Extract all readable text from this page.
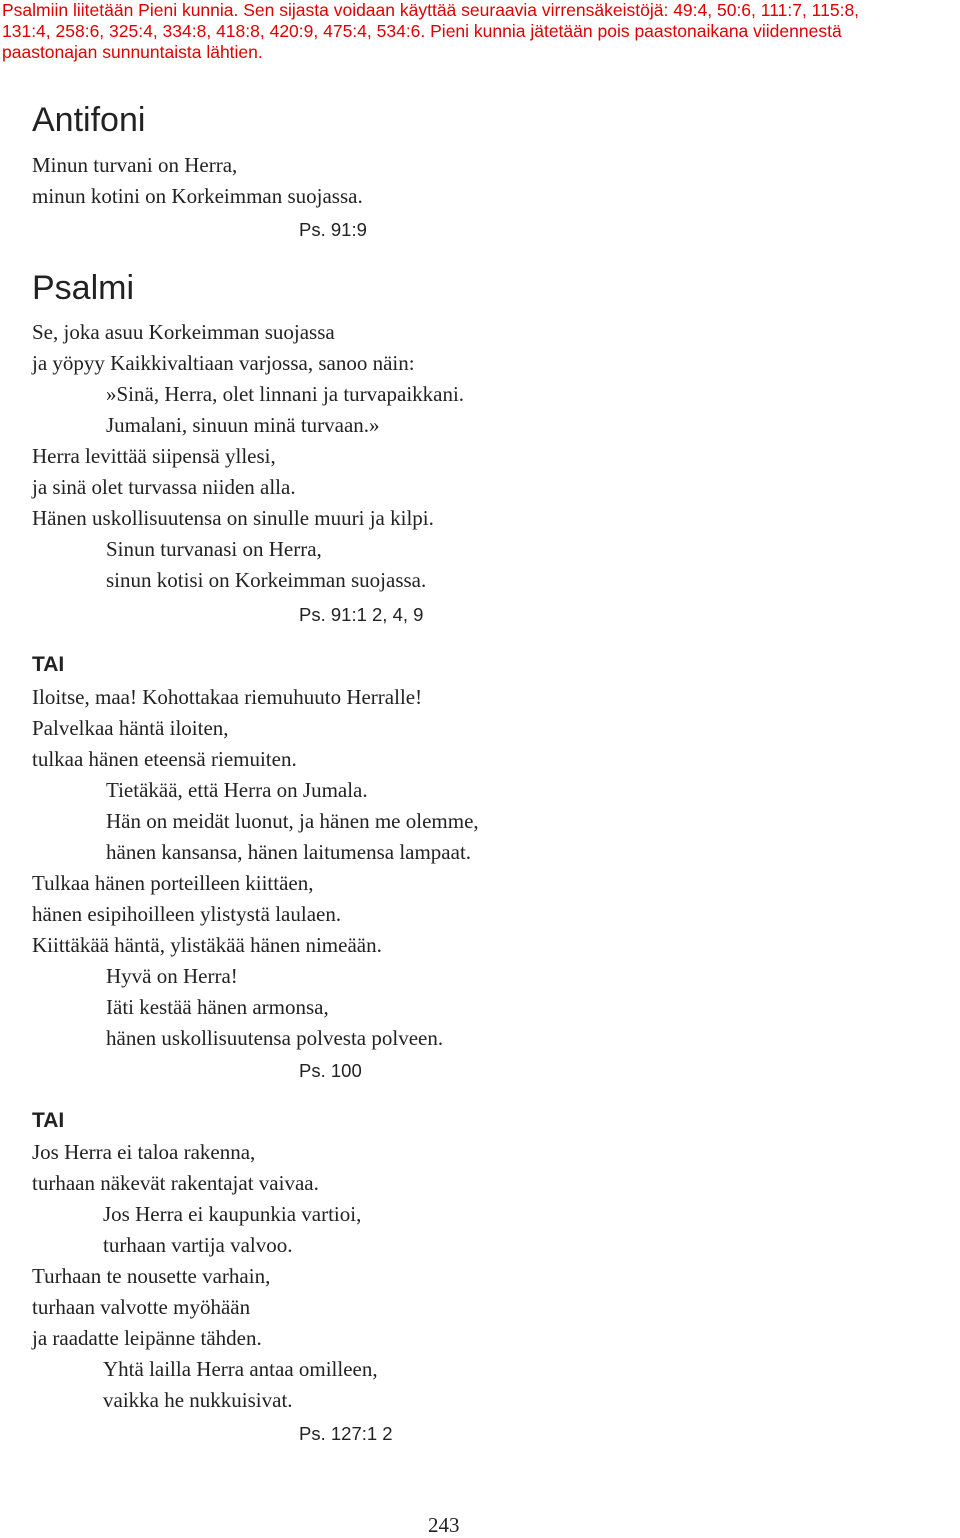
Psalmiin liitetään Pieni kunnia. Sen sijasta voidaan käyttää seuraavia virrensäkeistöjä: 49:4, 50:6, 111:7, 115:8,
131:4, 258:6, 325:4, 334:8, 418:8, 420:9, 475:4, 534:6. Pieni kunnia jätetään pois paastonaikana viidennestä
paastonajan sunnuntaista lähtien.
Antifoni
Minun turvani on Herra,
minun kotini on Korkeimman suojassa.

Ps. 91:9

Psalmi
Se, joka asuu Korkeimman suojassa
ja yöpyy Kaikkivaltiaan varjossa, sanoo näin:
»Sinä, Herra, olet linnani ja turvapaikkani.
Jumalani, sinuun minä turvaan.»
Herra levittää siipensä yllesi,
ja sinä olet turvassa niiden alla.
Hänen uskollisuutensa on sinulle muuri ja kilpi.
Sinun turvanasi on Herra,
sinun kotisi on Korkeimman suojassa.

Ps. 91:1 2, 4, 9

TAI

Iloitse, maa! Kohottakaa riemuhuuto Herralle!
Palvelkaa häntä iloiten,
tulkaa hänen eteensä riemuiten.
Tietäkää, että Herra on Jumala.
Hän on meidät luonut, ja hänen me olemme,
hänen kansansa, hänen laitumensa lampaat.
Tulkaa hänen porteilleen kiittäen,
hänen esipihoilleen ylistystä laulaen.
Kiittäkää häntä, ylistäkää hänen nimeään.
Hyvä on Herra!
Iäti kestää hänen armonsa,
hänen uskollisuutensa polvesta polveen.

Ps. 100

TAI

Jos Herra ei taloa rakenna,
turhaan näkevät rakentajat vaivaa.
Jos Herra ei kaupunkia vartioi,
turhaan vartija valvoo.
Turhaan te nousette varhain,
turhaan valvotte myöhään
ja raadatte leipänne tähden.
Yhtä lailla Herra antaa omilleen,
vaikka he nukkuisivat.

Ps. 127:1 2

243
